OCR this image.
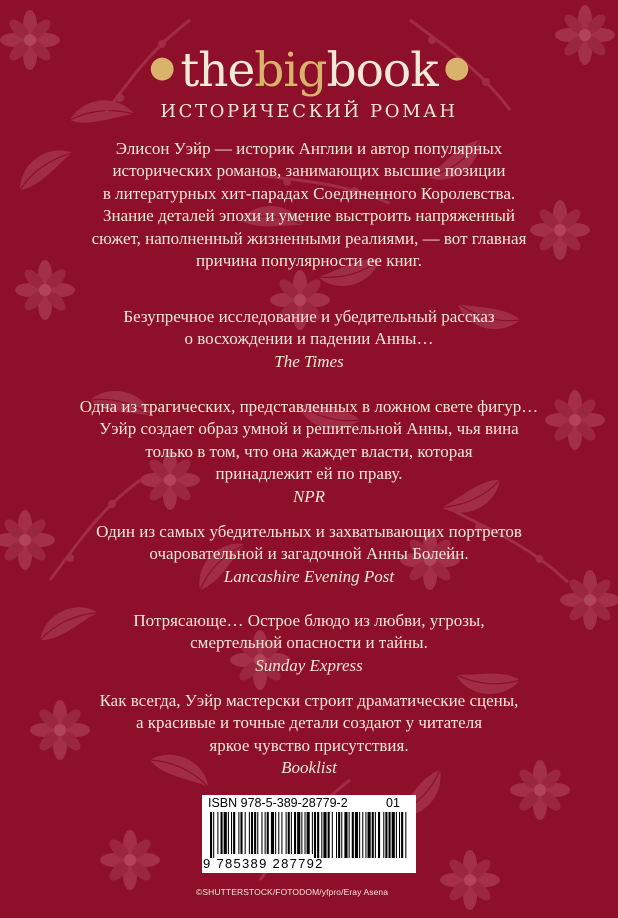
● thebigbook ●
ИСТОРИЧЕСКИЙ РОМАН

Элисон Уэйр — историк Англии и автор популярных

исторических романов, занимающих высшие позиции

в литературных хит-парадах Соединенного Королевства.

Знание деталей эпохи и умение выстроить напряженный

сюжет, наполненный жизненными реалиями, — вот главная

причина популярности ее книг.

Безупречное исследование и убедительный рассказ

о восхождении и падении Анны…

The Times

Одна из трагических, представленных в ложном свете фигур…

Уэйр создает образ умной и решительной Анны, чья вина

только в том, что она жаждет власти, которая

принадлежит ей по праву.

NPR

Один из самых убедительных и захватывающих портретов

очаровательной и загадочной Анны Болейн.

Lancashire Evening Post

Потрясающе… Острое блюдо из любви, угрозы,

смертельной опасности и тайны.

Sunday Express

Как всегда, Уэйр мастерски строит драматические сцены,

а красивые и точные детали создают у читателя

яркое чувство присутствия.

Booklist

ISBN 978-5-389-28779-2	01
9 785389 287792
©SHUTTERSTOCK/FOTODOM/yfpro/Eray Asena
